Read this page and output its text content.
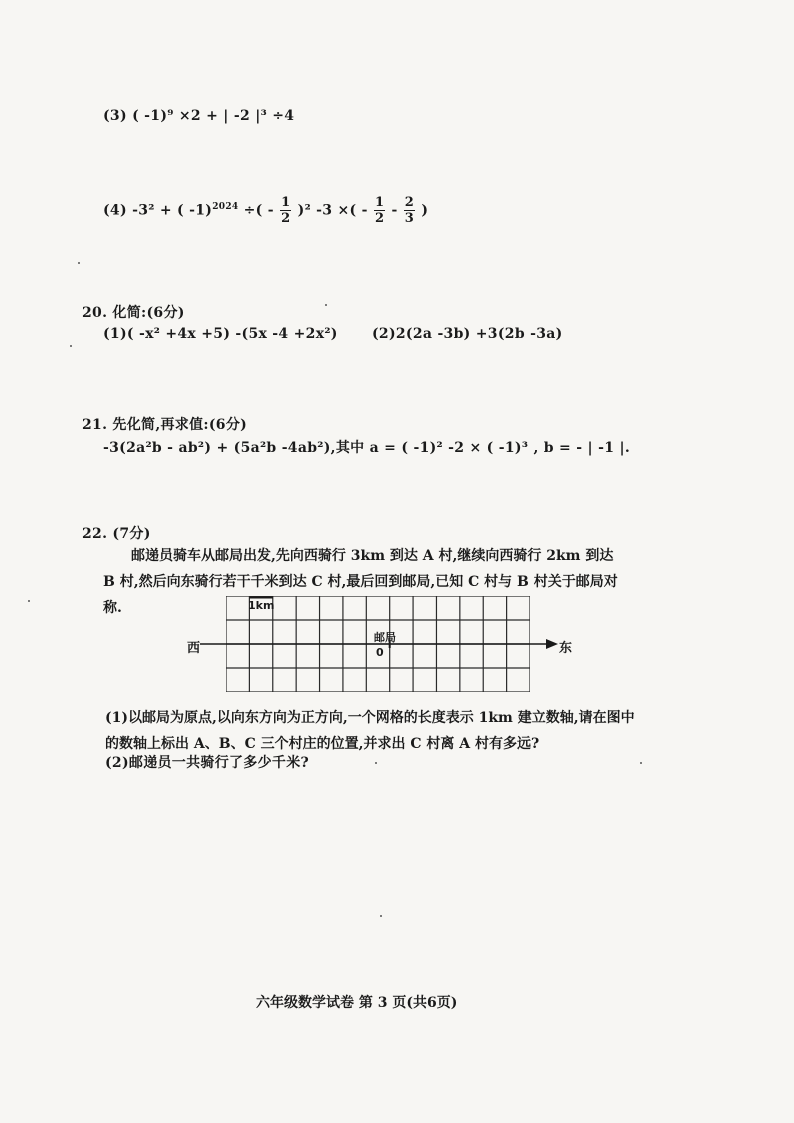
(3) ( -1)⁹ ×2 + | -2 |³ ÷4
(4) -3² + ( -1)$^{2024}$ ÷( - $\frac{1}{2} )^2$ -3 ×( - $\frac{1}{2} - \frac{2}{3}$ )
20. 化简:(6分)
(1)( -x² +4x +5) -(5x -4 +2x²) (2)2(2a -3b) +3(2b -3a)
21. 先化简,再求值:(6分)
-3(2a²b - ab²) + (5a²b -4ab²),其中 a = ( -1)² -2 × ( -1)³ , b = - | -1 |.
22. (7分)
邮递员骑车从邮局出发,先向西骑行 3km 到达 A 村,继续向西骑行 2km 到达 B 村,然后向东骑行若干千米到达 C 村,最后回到邮局,已知 C 村与 B 村关于邮局对称.
西	东
1km
邮局
0
(1)以邮局为原点,以向东方向为正方向,一个网格的长度表示 1km 建立数轴,请在图中的数轴上标出 A、B、C 三个村庄的位置,并求出 C 村离 A 村有多远?
(2)邮递员一共骑行了多少千米?
六年级数学试卷 第 3 页(共6页)
